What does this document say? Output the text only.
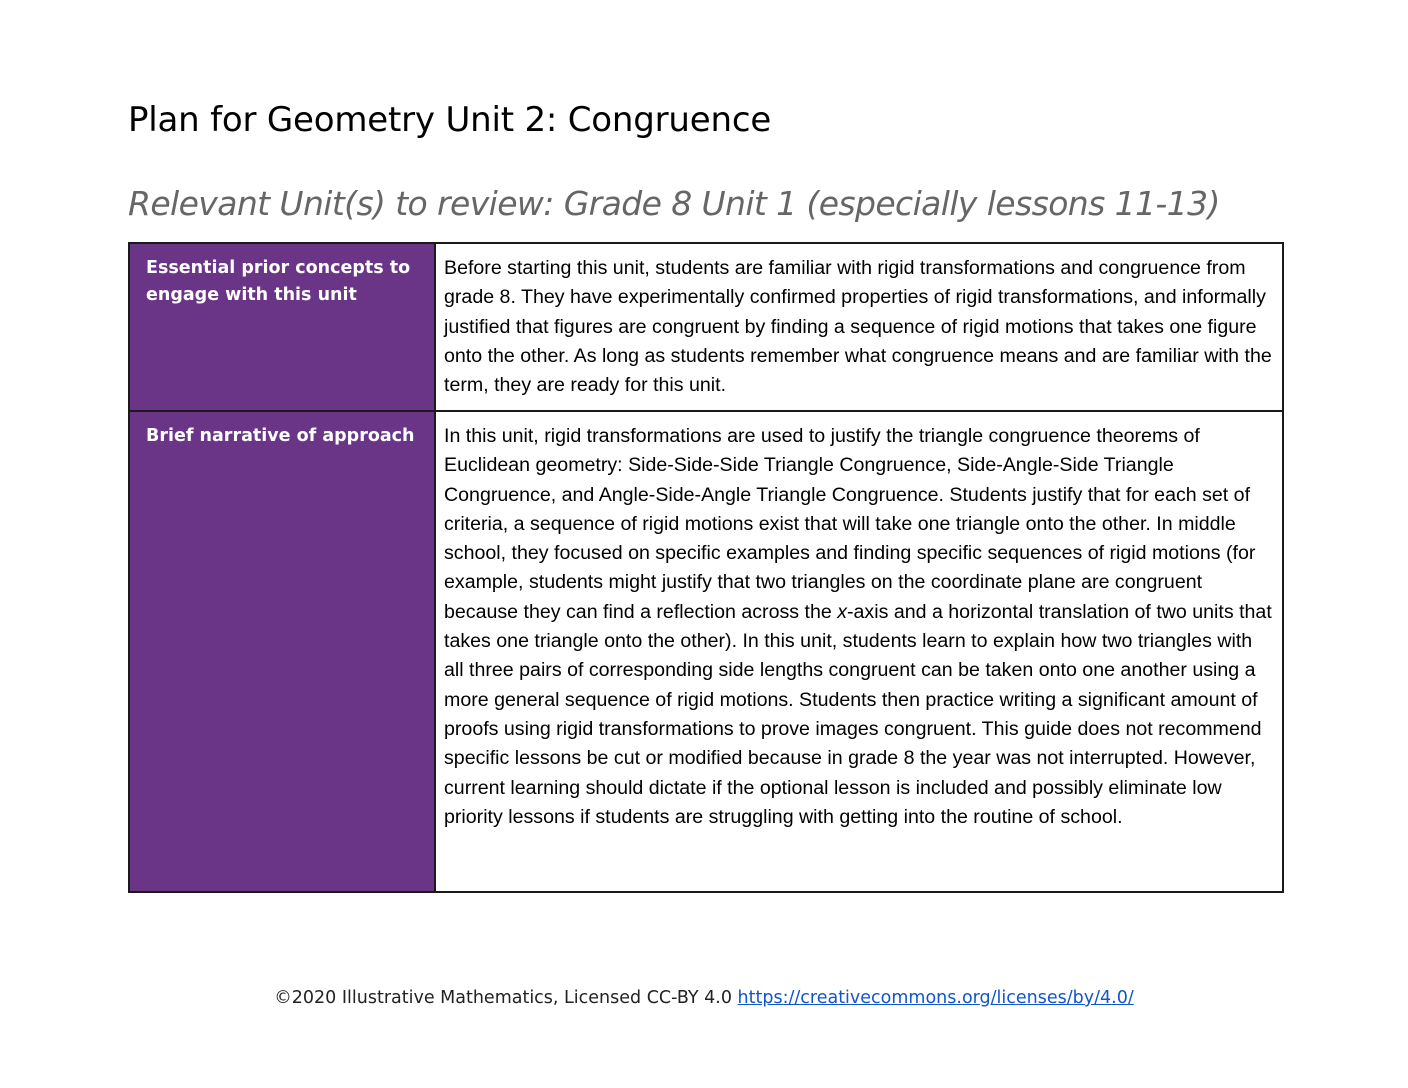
Plan for Geometry Unit 2: Congruence
Relevant Unit(s) to review: Grade 8 Unit 1 (especially lessons 11-13)
Essential prior concepts to engage with this unit	Before starting this unit, students are familiar with rigid transformations and congruence from grade 8. They have experimentally confirmed properties of rigid transformations, and informally justified that figures are congruent by finding a sequence of rigid motions that takes one figure onto the other. As long as students remember what congruence means and are familiar with the term, they are ready for this unit.
Brief narrative of approach	In this unit, rigid transformations are used to justify the triangle congruence theorems of Euclidean geometry: Side-Side-Side Triangle Congruence, Side-Angle-Side Triangle Congruence, and Angle-Side-Angle Triangle Congruence. Students justify that for each set of criteria, a sequence of rigid motions exist that will take one triangle onto the other. In middle school, they focused on specific examples and finding specific sequences of rigid motions (for example, students might justify that two triangles on the coordinate plane are congruent because they can find a reflection across the x-axis and a horizontal translation of two units that takes one triangle onto the other). In this unit, students learn to explain how two triangles with all three pairs of corresponding side lengths congruent can be taken onto one another using a more general sequence of rigid motions. Students then practice writing a significant amount of proofs using rigid transformations to prove images congruent. This guide does not recommend specific lessons be cut or modified because in grade 8 the year was not interrupted. However, current learning should dictate if the optional lesson is included and possibly eliminate low priority lessons if students are struggling with getting into the routine of school.
©2020 Illustrative Mathematics, Licensed CC-BY 4.0 https://creativecommons.org/licenses/by/4.0/
